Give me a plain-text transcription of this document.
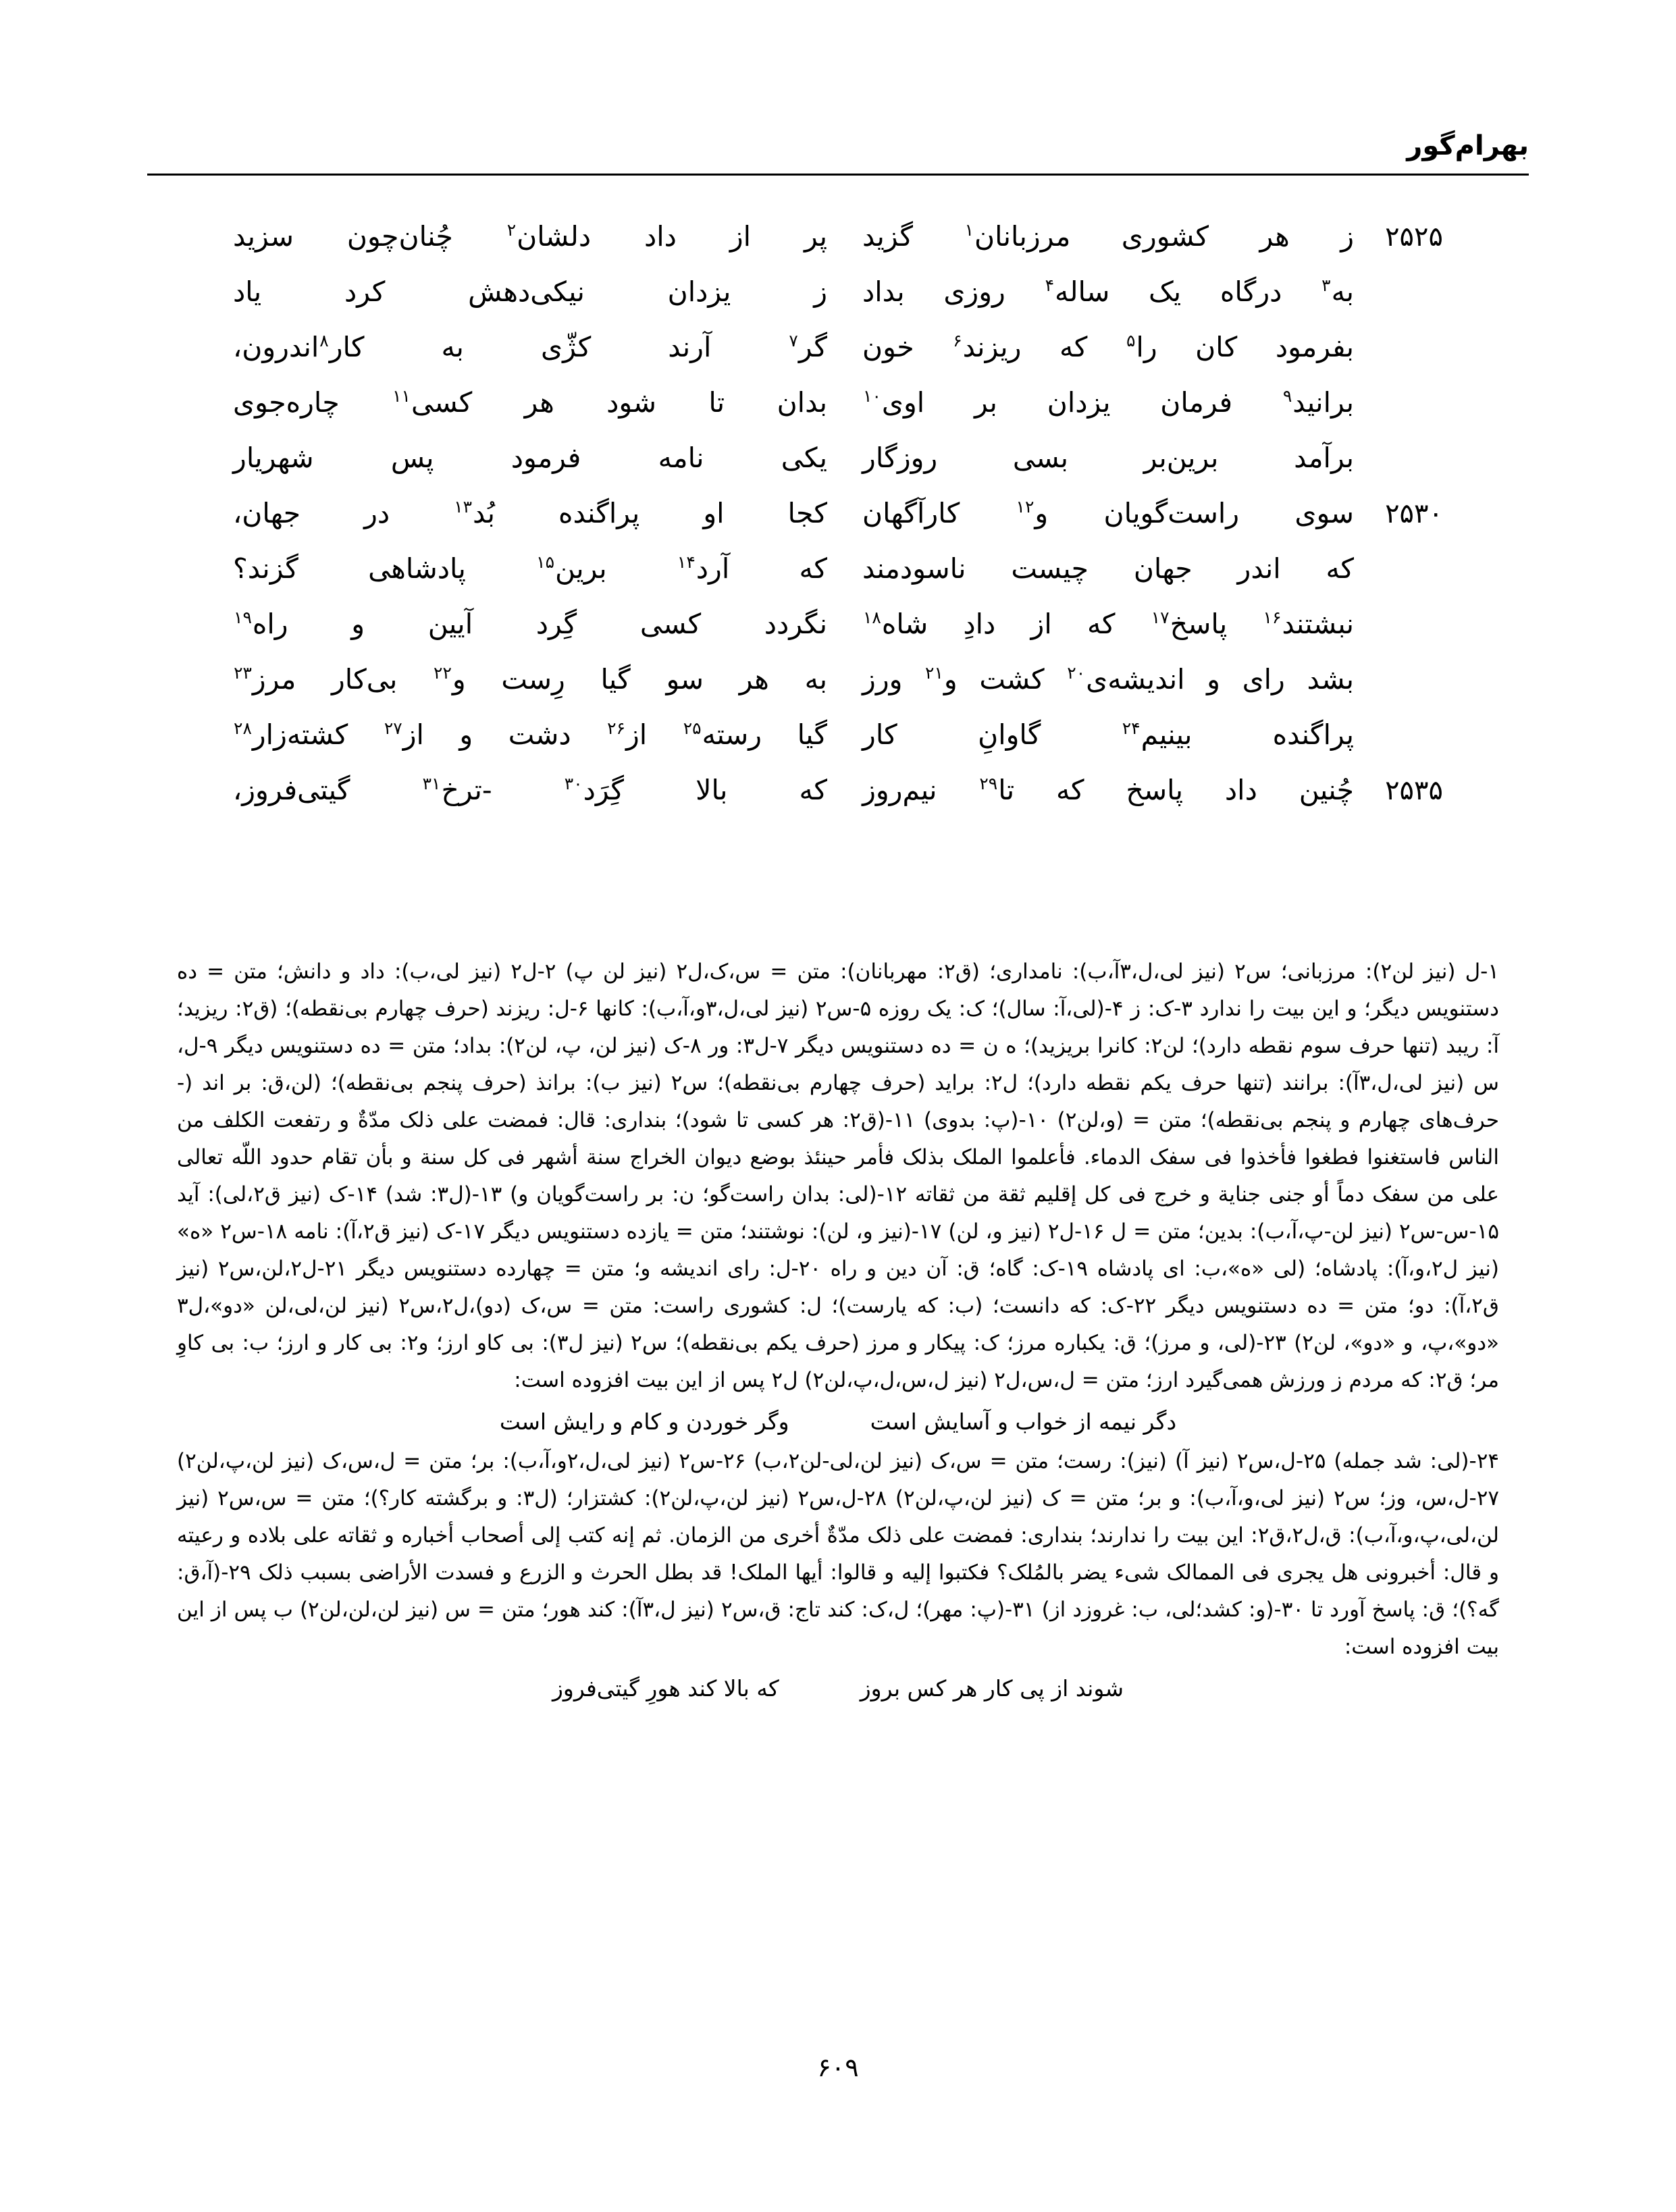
بهرام‌گور
۲۵۲۵
ز
هر
کشوری
مرزبانان$^۱$
گزید
پر
از
داد
دلشان$^۲$
چُنان‌چون
سزید
به$^۳$
درگاه
یک
ساله$^۴$
روزی
بداد
ز
یزدان
نیکی‌دهش
کرد
یاد
بفرمود
کان
را$^۵$
که
ریزند$^۶$
خون
گر$^۷$
آرند
کژّی
به
کار$^۸$اندرون،
برانید$^۹$
فرمان
یزدان
بر
اوی$^{۱۰}$
بدان
تا
شود
هر
کسی$^{۱۱}$
چاره‌جوی
برآمد
برین‌بر
بسی
روزگار
یکی
نامه
فرمود
پس
شهریار
۲۵۳۰
سوی
راست‌گویان
و$^{۱۲}$
کارآگهان
کجا
او
پراگنده
بُد$^{۱۳}$
در
جهان،
که
اندر
جهان
چیست
ناسودمند
که
آرد$^{۱۴}$
برین$^{۱۵}$
پادشاهی
گزند؟
نبشتند$^{۱۶}$
پاسخ$^{۱۷}$
که
از
دادِ
شاه$^{۱۸}$
نگردد
کسی
گِرد
آیین
و
راه$^{۱۹}$
بشد
رای
و
اندیشه‌ی$^{۲۰}$
کشت
و$^{۲۱}$
ورز
به
هر
سو
گیا
رِست
و$^{۲۲}$
بی‌کار
مرز$^{۲۳}$
پراگنده
بینیم$^{۲۴}$
گاوانِ
کار
گیا
رسته$^{۲۵}$
از$^{۲۶}$
دشت
و
از$^{۲۷}$
کشته‌زار$^{۲۸}$
۲۵۳۵
چُنین
داد
پاسخ
که
تا$^{۲۹}$
نیم‌روز
که
بالا
گِرَد$^{۳۰}$
-ترخ$^{۳۱}$
گیتی‌فروز،

۱-ل (نیز لن۲): مرزبانی؛ س۲ (نیز لی،ل،۳آ،ب): نامداری؛ (ق۲: مهربانان): متن = س،ک،ل۲ (نیز لن پ) ۲-ل۲ (نیز لی،ب): داد و دانش؛ متن = ده دستنویس دیگر؛ و این بیت را ندارد ۳-ک: ز ۴-(لی،آ: سال)؛ ک: یک روزه ۵-س۲ (نیز لی،ل،۳و،آ،ب): کانها ۶-ل: ریزند (حرف چهارم بی‌نقطه)؛ (ق۲: ریزید؛ آ: ریبد (تنها حرف سوم نقطه دارد)؛ لن۲: کانرا بریزید)؛ ه ن = ده دستنویس دیگر ۷-ل۳: ور ۸-ک (نیز لن، پ، لن۲): بداد؛ متن = ده دستنویس دیگر ۹-ل، س (نیز لی،ل،۳آ): برانند (تنها حرف یکم نقطه دارد)؛ ل۲: براید (حرف چهارم بی‌نقطه)؛ س۲ (نیز ب): برانذ (حرف پنجم بی‌نقطه)؛ (لن،ق: بر اند (-حرف‌های چهارم و پنجم بی‌نقطه)؛ متن = (و،لن۲) ۱۰-(پ: بدوی) ۱۱-(ق۲: هر کسی تا شود)؛ بنداری: قال: فمضت علی ذلک مدّةٌ و رتفعت الکلف من الناس فاستغنوا فطغوا فأخذوا فی سفک الدماء. فأعلموا الملک بذلک فأمر حینئذ بوضع دیوان الخراج سنة أشهر فی کل سنة و بأن تقام حدود اللّه تعالی علی من سفک دماً أو جنی جنایة و خرج فی کل إقلیم ثقة من ثقاته ۱۲-(لی: بدان راست‌گو؛ ن: بر راست‌گویان و) ۱۳-(ل۳: شد) ۱۴-ک (نیز ق۲،لی): آید ۱۵-س-س۲ (نیز لن-پ،آ،ب): بدین؛ متن = ل ۱۶-ل۲ (نیز و، لن) ۱۷-(نیز و، لن): نوشتند؛ متن = یازده دستنویس دیگر ۱۷-ک (نیز ق۲،آ): نامه ۱۸-س۲ «ه» (نیز ل۲،و،آ): پادشاه؛ (لی «ه»،ب: ای پادشاه ۱۹-ک: گاه؛ ق: آن دین و راه ۲۰-ل: رای اندیشه و؛ متن = چهارده دستنویس دیگر ۲۱-ل۲،لن،س۲ (نیز ق۲،آ): دو؛ متن = ده دستنویس دیگر ۲۲-ک: که دانست؛ (ب: که یارست)؛ ل: کشوری راست: متن = س،ک (دو)،ل۲،س۲ (نیز لن،لی،لن «دو»،ل۳ «دو»،پ، و «دو»، لن۲) ۲۳-(لی، و مرز)؛ ق: یکباره مرز؛ ک: پیکار و مرز (حرف یکم بی‌نقطه)؛ س۲ (نیز ل۳): بی کاو ارز؛ و۲: بی کار و ارز؛ ب: بی کاوِ مر؛ ق۲: که مردم ز ورزش همی‌گیرد ارز؛ متن = ل،س،ل۲ (نیز ل،س،ل،پ،لن۲) ل۲ پس از این بیت افزوده است:

دگر نیمه از خواب و آسایش است
وگر خوردن و کام و رایش است

۲۴-(لی: شد جمله) ۲۵-ل،س۲ (نیز آ) (نیز): رست؛ متن = س،ک (نیز لن،لی-لن۲،ب) ۲۶-س۲ (نیز لی،ل،۲و،آ،ب): بر؛ متن = ل،س،ک (نیز لن،پ،لن۲) ۲۷-ل،س، وز؛ س۲ (نیز لی،و،آ،ب): و بر؛ متن = ک (نیز لن،پ،لن۲) ۲۸-ل،س۲ (نیز لن،پ،لن۲): کشتزار؛ (ل۳: و برگشته کار؟)؛ متن = س،س۲ (نیز لن،لی،پ،و،آ،ب): ق،ل۲،ق۲: این بیت را ندارند؛ بنداری: فمضت علی ذلک مدّةٌ أخری من الزمان. ثم إنه کتب إلی أصحاب أخباره و ثقاته علی بلاده و رعیته و قال: أخبرونی هل یجری فی الممالک شیء یضر بالمُلک؟ فکتبوا إلیه و قالوا: أیها الملک! قد بطل الحرث و الزرع و فسدت الأراضی بسبب ذلک ۲۹-(آ،ق: گه؟)؛ ق: پاسخ آورد تا ۳۰-(و: کشد؛لی، ب: غروزد از) ۳۱-(پ: مهر)؛ ل،ک: کند تاج: ق،س۲ (نیز ل،۳آ): کند هور؛ متن = س (نیز لن،لن،لن۲) ب پس از این بیت افزوده است:

شوند از پی کار هر کس بروز
که بالا کند هورِ گیتی‌فروز
۶۰۹
